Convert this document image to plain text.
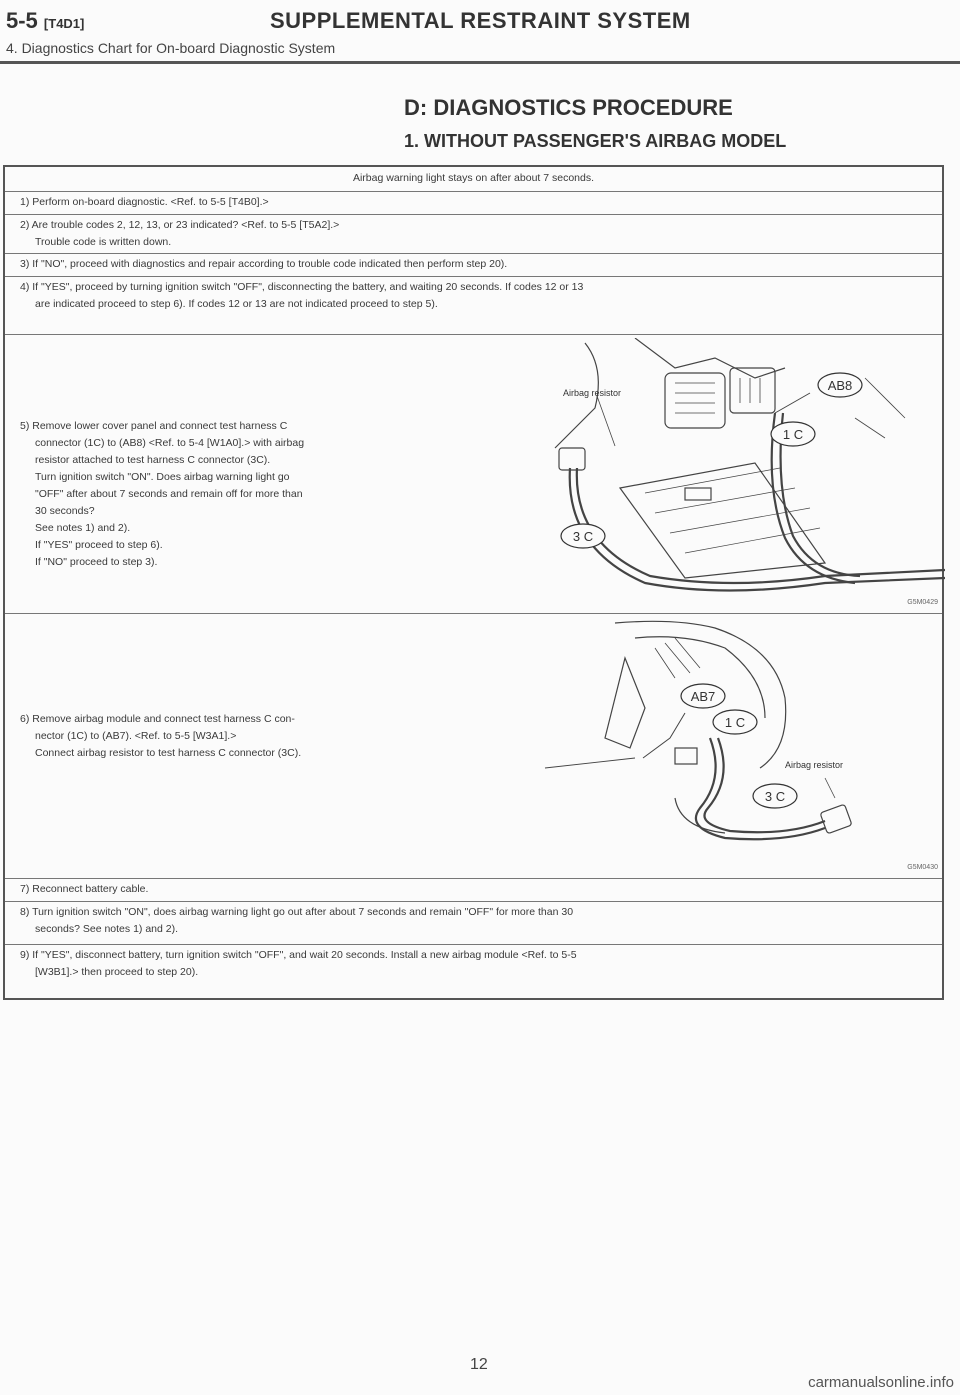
5-5 [T4D1]	SUPPLEMENTAL RESTRAINT SYSTEM
4. Diagnostics Chart for On-board Diagnostic System
D: DIAGNOSTICS PROCEDURE
1. WITHOUT PASSENGER'S AIRBAG MODEL
Airbag warning light stays on after about 7 seconds.
1) Perform on-board diagnostic. <Ref. to 5-5 [T4B0].>
2) Are trouble codes 2, 12, 13, or 23 indicated? <Ref. to 5-5 [T5A2].>
Trouble code is written down.
3) If "NO", proceed with diagnostics and repair according to trouble code indicated then perform step 20).
4) If "YES", proceed by turning ignition switch "OFF", disconnecting the battery, and waiting 20 seconds. If codes 12 or 13
are indicated proceed to step 6). If codes 12 or 13 are not indicated proceed to step 5).
5) Remove lower cover panel and connect test harness C
connector (1C) to (AB8) <Ref. to 5-4 [W1A0].> with airbag
resistor attached to test harness C connector (3C).
Turn ignition switch "ON". Does airbag warning light go
"OFF" after about 7 seconds and remain off for more than
30 seconds?
See notes 1) and 2).
If "YES" proceed to step 6).
If "NO" proceed to step 3).
Airbag resistor	AB8
1 C
3 C
G5M0429
6) Remove airbag module and connect test harness C con-
nector (1C) to (AB7). <Ref. to 5-5 [W3A1].>
Connect airbag resistor to test harness C connector (3C).
Airbag resistor
AB7
1 C
3 C
G5M0430
7) Reconnect battery cable.
8) Turn ignition switch "ON", does airbag warning light go out after about 7 seconds and remain "OFF" for more than 30
seconds? See notes 1) and 2).
9) If "YES", disconnect battery, turn ignition switch "OFF", and wait 20 seconds. Install a new airbag module <Ref. to 5-5
[W3B1].> then proceed to step 20).
12
carmanualsonline.info
